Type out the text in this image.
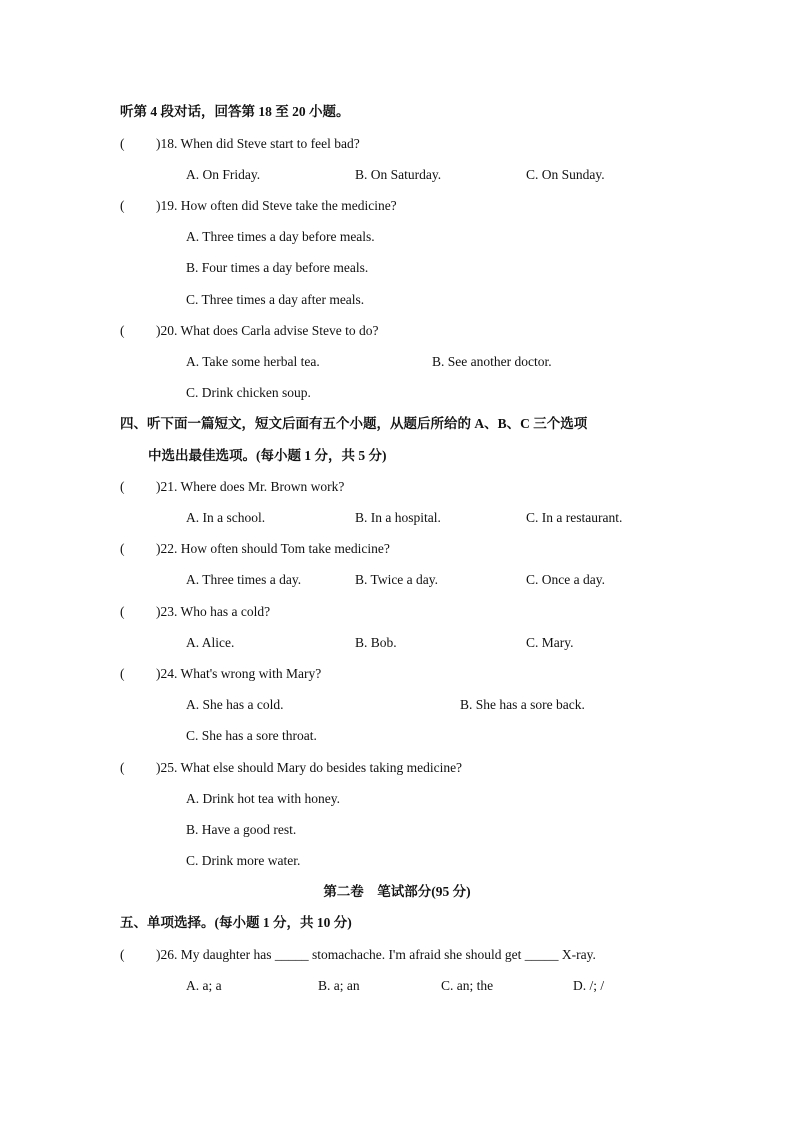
听第 4 段对话，回答第 18 至 20 小题。
( )18. When did Steve start to feel bad?
A. On Friday.	B. On Saturday.	C. On Sunday.
( )19. How often did Steve take the medicine?
A. Three times a day before meals.
B. Four times a day before meals.
C. Three times a day after meals.
( )20. What does Carla advise Steve to do?
A. Take some herbal tea.	B. See another doctor.
C. Drink chicken soup.
四、听下面一篇短文，短文后面有五个小题，从题后所给的 A、B、C 三个选项
中选出最佳选项。(每小题 1 分，共 5 分)
( )21. Where does Mr. Brown work?
A. In a school.	B. In a hospital.	C. In a restaurant.
( )22. How often should Tom take medicine?
A. Three times a day.	B. Twice a day.	C. Once a day.
( )23. Who has a cold?
A. Alice.	B. Bob.	C. Mary.
( )24. What's wrong with Mary?
A. She has a cold.	B. She has a sore back.
C. She has a sore throat.
( )25. What else should Mary do besides taking medicine?
A. Drink hot tea with honey.
B. Have a good rest.
C. Drink more water.
第二卷　笔试部分(95 分)
五、单项选择。(每小题 1 分，共 10 分)
( )26. My daughter has _____ stomachache. I'm afraid she should get _____ X-ray.
A. a; a	B. a; an	C. an; the	D. /; /
